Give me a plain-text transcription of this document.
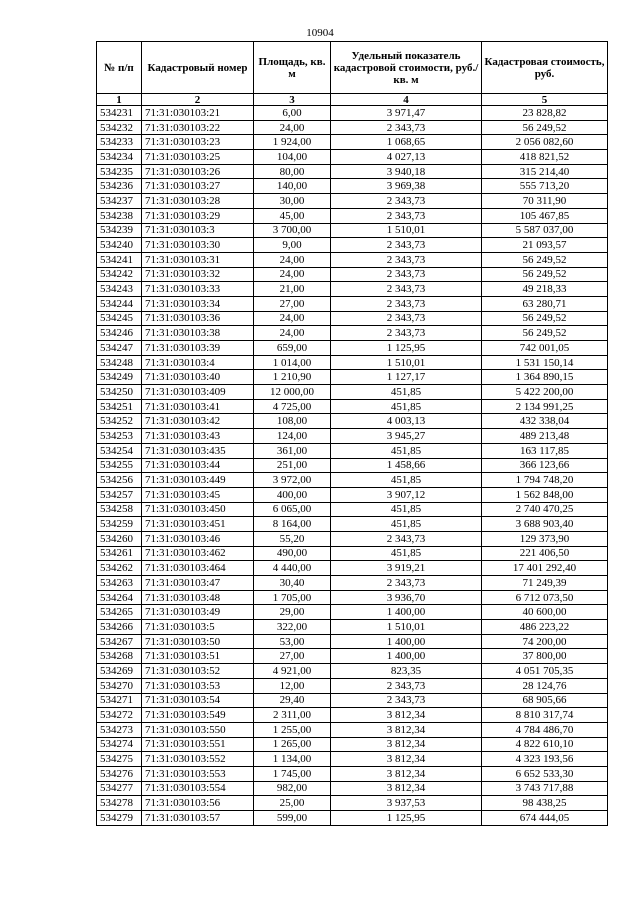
10904
№ п/п	Кадастровый номер	Площадь, кв. м	Удельный показатель кадастровой стоимости, руб./кв. м	Кадастровая стоимость, руб.
1	2	3	4	5
534231	71:31:030103:21	6,00	3 971,47	23 828,82
534232	71:31:030103:22	24,00	2 343,73	56 249,52
534233	71:31:030103:23	1 924,00	1 068,65	2 056 082,60
534234	71:31:030103:25	104,00	4 027,13	418 821,52
534235	71:31:030103:26	80,00	3 940,18	315 214,40
534236	71:31:030103:27	140,00	3 969,38	555 713,20
534237	71:31:030103:28	30,00	2 343,73	70 311,90
534238	71:31:030103:29	45,00	2 343,73	105 467,85
534239	71:31:030103:3	3 700,00	1 510,01	5 587 037,00
534240	71:31:030103:30	9,00	2 343,73	21 093,57
534241	71:31:030103:31	24,00	2 343,73	56 249,52
534242	71:31:030103:32	24,00	2 343,73	56 249,52
534243	71:31:030103:33	21,00	2 343,73	49 218,33
534244	71:31:030103:34	27,00	2 343,73	63 280,71
534245	71:31:030103:36	24,00	2 343,73	56 249,52
534246	71:31:030103:38	24,00	2 343,73	56 249,52
534247	71:31:030103:39	659,00	1 125,95	742 001,05
534248	71:31:030103:4	1 014,00	1 510,01	1 531 150,14
534249	71:31:030103:40	1 210,90	1 127,17	1 364 890,15
534250	71:31:030103:409	12 000,00	451,85	5 422 200,00
534251	71:31:030103:41	4 725,00	451,85	2 134 991,25
534252	71:31:030103:42	108,00	4 003,13	432 338,04
534253	71:31:030103:43	124,00	3 945,27	489 213,48
534254	71:31:030103:435	361,00	451,85	163 117,85
534255	71:31:030103:44	251,00	1 458,66	366 123,66
534256	71:31:030103:449	3 972,00	451,85	1 794 748,20
534257	71:31:030103:45	400,00	3 907,12	1 562 848,00
534258	71:31:030103:450	6 065,00	451,85	2 740 470,25
534259	71:31:030103:451	8 164,00	451,85	3 688 903,40
534260	71:31:030103:46	55,20	2 343,73	129 373,90
534261	71:31:030103:462	490,00	451,85	221 406,50
534262	71:31:030103:464	4 440,00	3 919,21	17 401 292,40
534263	71:31:030103:47	30,40	2 343,73	71 249,39
534264	71:31:030103:48	1 705,00	3 936,70	6 712 073,50
534265	71:31:030103:49	29,00	1 400,00	40 600,00
534266	71:31:030103:5	322,00	1 510,01	486 223,22
534267	71:31:030103:50	53,00	1 400,00	74 200,00
534268	71:31:030103:51	27,00	1 400,00	37 800,00
534269	71:31:030103:52	4 921,00	823,35	4 051 705,35
534270	71:31:030103:53	12,00	2 343,73	28 124,76
534271	71:31:030103:54	29,40	2 343,73	68 905,66
534272	71:31:030103:549	2 311,00	3 812,34	8 810 317,74
534273	71:31:030103:550	1 255,00	3 812,34	4 784 486,70
534274	71:31:030103:551	1 265,00	3 812,34	4 822 610,10
534275	71:31:030103:552	1 134,00	3 812,34	4 323 193,56
534276	71:31:030103:553	1 745,00	3 812,34	6 652 533,30
534277	71:31:030103:554	982,00	3 812,34	3 743 717,88
534278	71:31:030103:56	25,00	3 937,53	98 438,25
534279	71:31:030103:57	599,00	1 125,95	674 444,05
